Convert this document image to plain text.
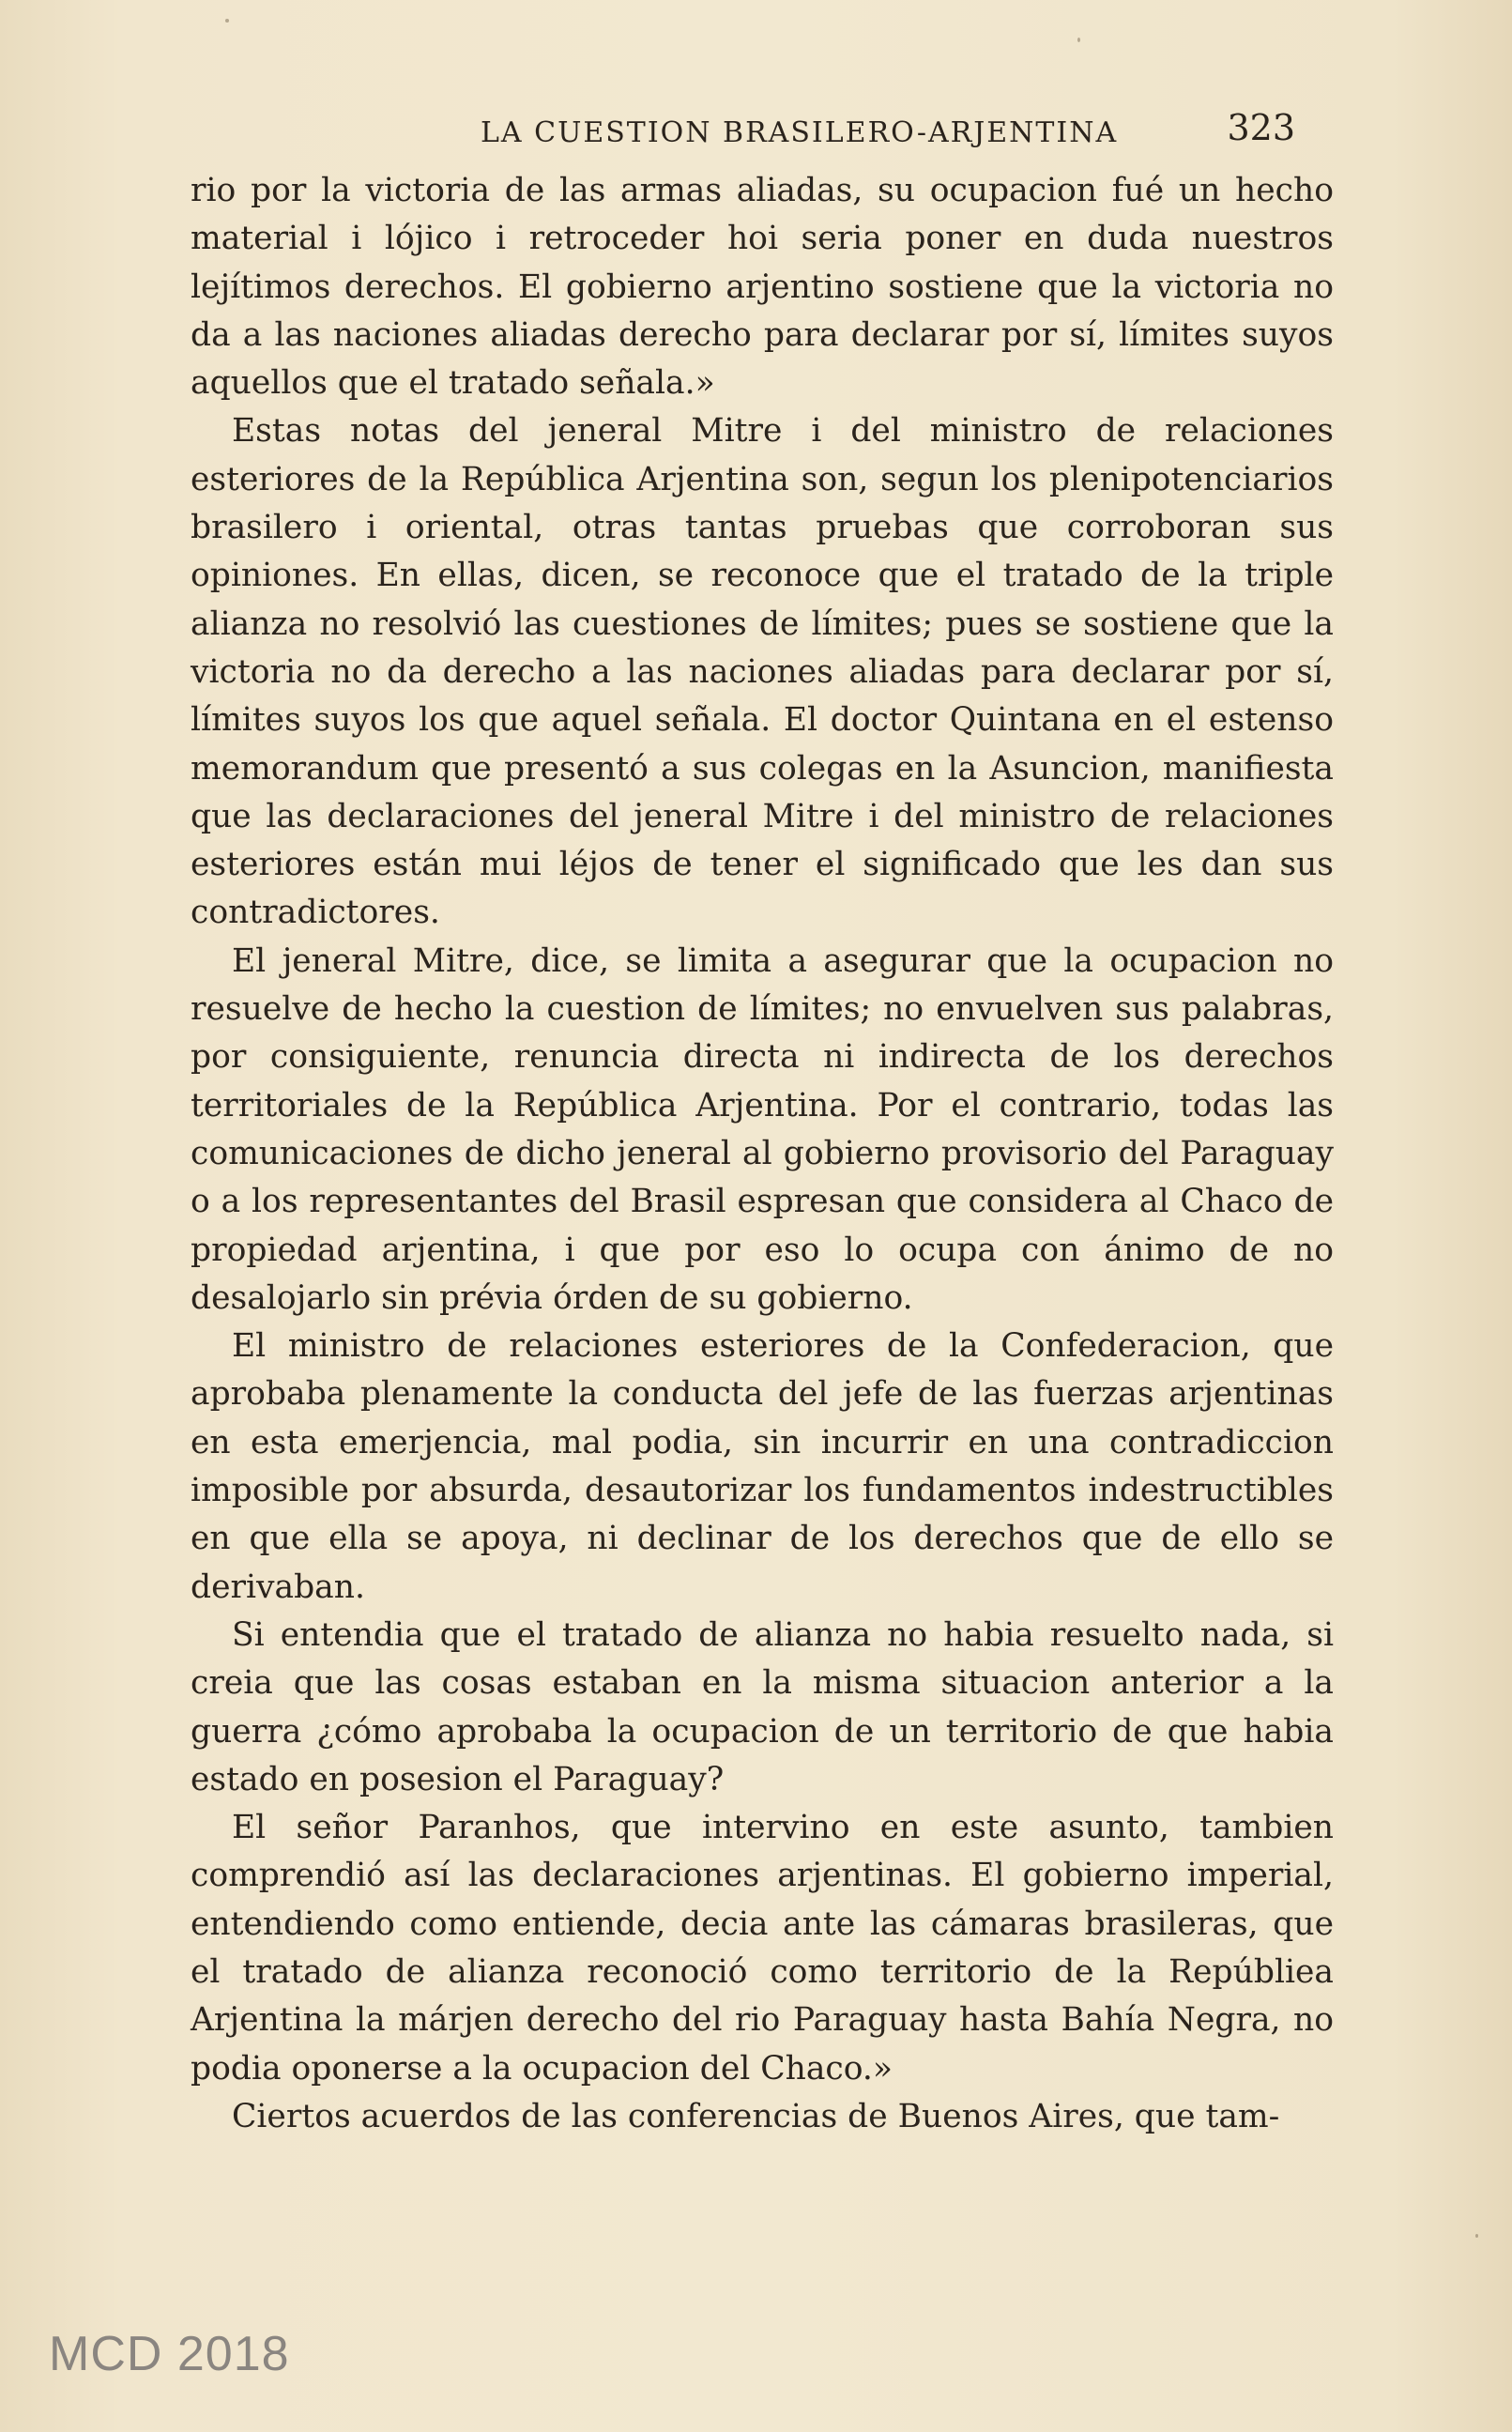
LA CUESTION BRASILERO-ARJENTINA	323

rio por la victoria de las armas aliadas, su ocupacion fué un hecho material i lójico i retroceder hoi seria poner en duda nuestros lejítimos derechos. El gobierno arjentino sostiene que la victoria no da a las naciones aliadas derecho para declarar por sí, límites suyos aquellos que el tratado señala.»

Estas notas del jeneral Mitre i del ministro de relaciones esteriores de la República Arjentina son, segun los plenipotenciarios brasilero i oriental, otras tantas pruebas que corroboran sus opiniones. En ellas, dicen, se reconoce que el tratado de la triple alianza no resolvió las cuestiones de límites; pues se sostiene que la victoria no da derecho a las naciones aliadas para declarar por sí, límites suyos los que aquel señala. El doctor Quintana en el estenso memorandum que presentó a sus colegas en la Asuncion, manifiesta que las declaraciones del jeneral Mitre i del ministro de relaciones esteriores están mui léjos de tener el significado que les dan sus contradictores.

El jeneral Mitre, dice, se limita a asegurar que la ocupacion no resuelve de hecho la cuestion de límites; no envuelven sus palabras, por consiguiente, renuncia directa ni indirecta de los derechos territoriales de la República Arjentina. Por el contrario, todas las comunicaciones de dicho jeneral al gobierno provisorio del Paraguay o a los representantes del Brasil espresan que considera al Chaco de propiedad arjentina, i que por eso lo ocupa con ánimo de no desalojarlo sin prévia órden de su gobierno.

El ministro de relaciones esteriores de la Confederacion, que aprobaba plenamente la conducta del jefe de las fuerzas arjentinas en esta emerjencia, mal podia, sin incurrir en una contradiccion imposible por absurda, desautorizar los fundamentos indestructibles en que ella se apoya, ni declinar de los derechos que de ello se derivaban.

Si entendia que el tratado de alianza no habia resuelto nada, si creia que las cosas estaban en la misma situacion anterior a la guerra ¿cómo aprobaba la ocupacion de un territorio de que habia estado en posesion el Paraguay?

El señor Paranhos, que intervino en este asunto, tambien comprendió así las declaraciones arjentinas. El gobierno imperial, entendiendo como entiende, decia ante las cámaras brasileras, que el tratado de alianza reconoció como territorio de la Repúbliea Arjentina la márjen derecho del rio Paraguay hasta Bahía Negra, no podia oponerse a la ocupacion del Chaco.»

Ciertos acuerdos de las conferencias de Buenos Aires, que tam-

MCD 2018
